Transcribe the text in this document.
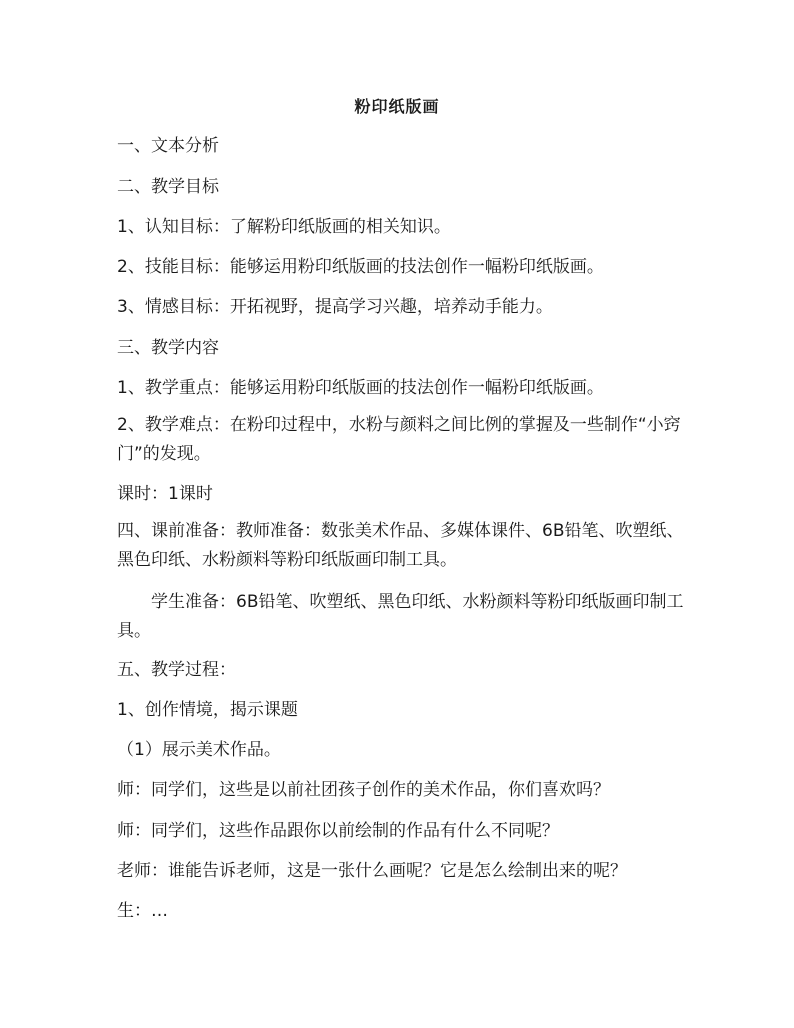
粉印纸版画
一、文本分析
二、教学目标
1、认知目标：了解粉印纸版画的相关知识。
2、技能目标：能够运用粉印纸版画的技法创作一幅粉印纸版画。
3、情感目标：开拓视野，提高学习兴趣，培养动手能力。
三、教学内容
1、教学重点：能够运用粉印纸版画的技法创作一幅粉印纸版画。
2、教学难点：在粉印过程中，水粉与颜料之间比例的掌握及一些制作“小窍门”的发现。
课时：1课时
四、课前准备：教师准备：数张美术作品、多媒体课件、6B铅笔、吹塑纸、黑色印纸、水粉颜料等粉印纸版画印制工具。
学生准备：6B铅笔、吹塑纸、黑色印纸、水粉颜料等粉印纸版画印制工具。
五、教学过程：
1、创作情境，揭示课题
（1）展示美术作品。
师：同学们，这些是以前社团孩子创作的美术作品，你们喜欢吗？
师：同学们，这些作品跟你以前绘制的作品有什么不同呢？
老师：谁能告诉老师，这是一张什么画呢？它是怎么绘制出来的呢？
生：…
